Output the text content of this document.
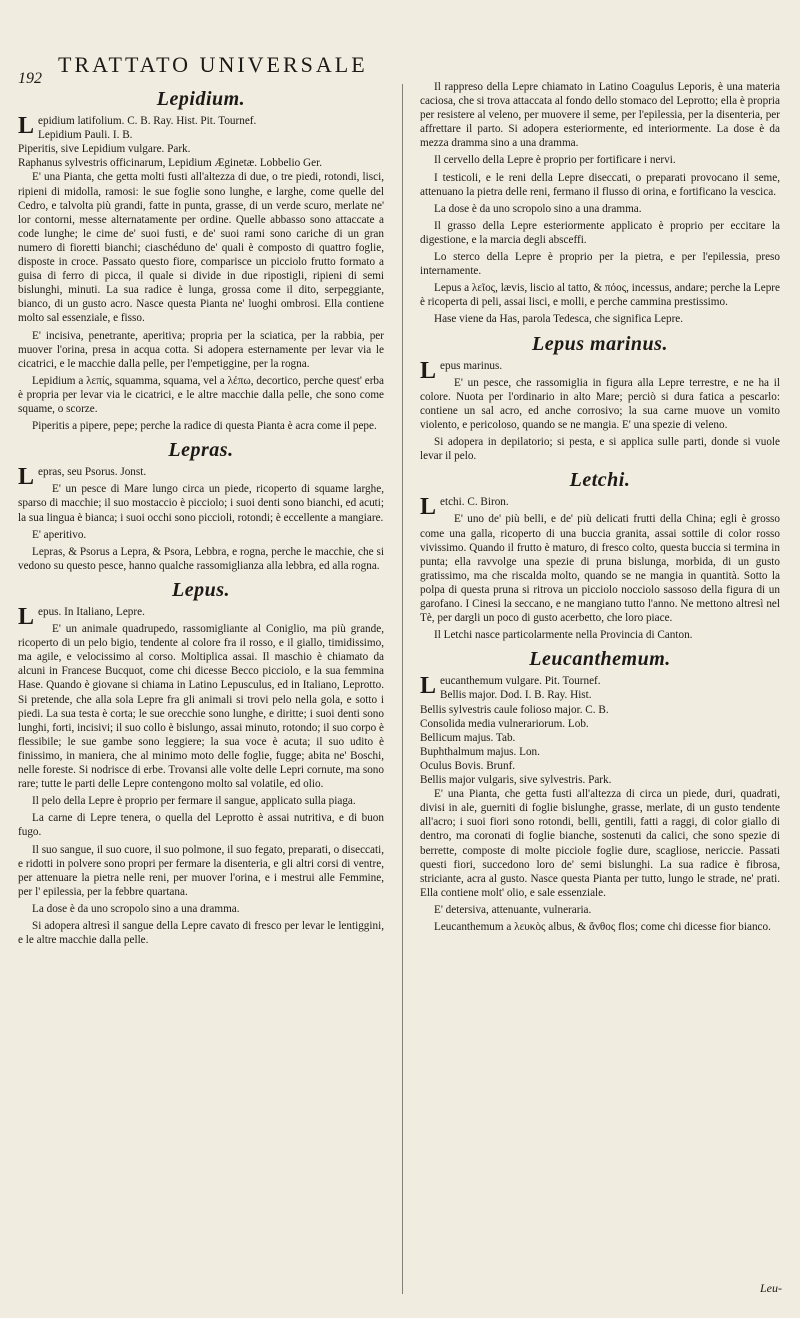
192
TRATTATO UNIVERSALE
Lepidium.

Lepidium latifolium. C. B. Ray. Hist. Pit. Tournef.

Lepidium Pauli. I. B.

Piperitis, sive Lepidium vulgare. Park.

Raphanus sylvestris officinarum, Lepidium Æginetæ. Lobbelio Ger.

E' una Pianta, che getta molti fusti all'altezza di due, o tre piedi, rotondi, lisci, ripieni di midolla, ramosi: le sue foglie sono lunghe, e larghe, come quelle del Cedro, e talvolta più grandi, fatte in punta, grasse, di un verde scuro, merlate ne' lor contorni, messe alternatamente per ordine. Quelle abbasso sono attaccate a code lunghe; le cime de' suoi fusti, e de' suoi rami sono cariche di un gran numero di fioretti bianchi; ciaschéduno de' quali è composto di quattro foglie, disposte in croce. Passato questo fiore, comparisce un picciolo frutto formato a guisa di ferro di picca, il quale si divide in due ripostigli, ripieni di semi bislunghi, minuti. La sua radice è lunga, grossa come il dito, serpeggiante, bianco, di un gusto acro. Nasce questa Pianta ne' luoghi ombrosi. Ella contiene molto sal essenziale, e fisso.

E' incisiva, penetrante, aperitiva; propria per la sciatica, per la rabbia, per muover l'orina, presa in acqua cotta. Si adopera esternamente per levar via le cicatrici, e le macchie dalla pelle, per l'empetiggine, per la rogna.

Lepidium a λεπίς, squamma, squama, vel a λέπω, decortico, perche quest' erba è propria per levar via le cicatrici, e le altre macchie dalla pelle, che sono come squame, o scorze.

Piperitis a pipere, pepe; perche la radice di questa Pianta è acra come il pepe.

Lepras.

Lepras, seu Psorus. Jonst.

E' un pesce di Mare lungo circa un piede, ricoperto di squame larghe, sparso di macchie; il suo mostaccio è picciolo; i suoi denti sono bianchi, ed acuti; la sua lingua è bianca; i suoi occhi sono piccioli, rotondi; è eccellente a mangiare.

E' aperitivo.

Lepras, & Psorus a Lepra, & Psora, Lebbra, e rogna, perche le macchie, che si vedono su questo pesce, hanno qualche rassomiglianza alla lebbra, ed alla rogna.

Lepus.

Lepus. In Italiano, Lepre.

E' un animale quadrupedo, rassomigliante al Coniglio, ma più grande, ricoperto di un pelo bigio, tendente al colore fra il rosso, e il giallo, timidissimo, ma agile, e velocissimo al corso. Moltiplica assai. Il maschio è chiamato da alcuni in Francese Bucquot, come chi dicesse Becco picciolo, e la sua femmina Hase. Quando è giovane si chiama in Latino Lepusculus, ed in Italiano, Leprotto. Si pretende, che alla sola Lepre fra gli animali si trovi pelo nella gola, e sotto i piedi. La sua testa è corta; le sue orecchie sono lunghe, e diritte; i suoi denti sono lunghi, forti, incisivi; il suo collo è bislungo, assai minuto, rotondo; il suo corpo è flessibile; le sue gambe sono leggiere; la sua voce è acuta; il suo udito è finissimo, in maniera, che al minimo moto delle foglie, fugge; abita ne' Boschi, nelle foreste. Si nodrisce di erbe. Trovansi alle volte delle Lepri cornute, ma sono rare; tutte le parti delle Lepre contengono molto sal volatile, ed olio.

Il pelo della Lepre è proprio per fermare il sangue, applicato sulla piaga.

La carne di Lepre tenera, o quella del Leprotto è assai nutritiva, e di buon fugo.

Il suo sangue, il suo cuore, il suo polmone, il suo fegato, preparati, o diseccati, e ridotti in polvere sono propri per fermare la disenteria, e gli altri corsi di ventre, per attenuare la pietra nelle reni, per muover l'orina, e i mestrui alle Femmine, per l' epilessia, per la febbre quartana.

La dose è da uno scropolo sino a una dramma.

Si adopera altresì il sangue della Lepre cavato di fresco per levar le lentiggini, e le altre macchie dalla pelle.

Il rappreso della Lepre chiamato in Latino Coagulus Leporis, è una materia caciosa, che si trova attaccata al fondo dello stomaco del Leprotto; ella è propria per resistere al veleno, per muovere il seme, per l'epilessia, per la disenteria, per affrettare il parto. Si adopera esteriormente, ed interiormente. La dose è da mezza dramma sino a una dramma.

Il cervello della Lepre è proprio per fortificare i nervi.

I testicoli, e le reni della Lepre diseccati, o preparati provocano il seme, attenuano la pietra delle reni, fermano il flusso di orina, e fortificano la vescica.

La dose è da uno scropolo sino a una dramma.

Il grasso della Lepre esteriormente applicato è proprio per eccitare la digestione, e la marcia degli absceffi.

Lo sterco della Lepre è proprio per la pietra, e per l'epilessia, preso internamente.

Lepus a λεῖος, lævis, liscio al tatto, & πόος, incessus, andare; perche la Lepre è ricoperta di peli, assai lisci, e molli, e perche cammina prestissimo.

Hase viene da Has, parola Tedesca, che significa Lepre.

Lepus marinus.

Lepus marinus.

E' un pesce, che rassomiglia in figura alla Lepre terrestre, e ne ha il colore. Nuota per l'ordinario in alto Mare; perciò si dura fatica a pescarlo: contiene un sal acro, ed anche corrosivo; la sua carne muove un vomito violento, e pericoloso, quando se ne mangia. E' una spezie di veleno.

Si adopera in depilatorio; si pesta, e si applica sulle parti, donde si vuole levar il pelo.

Letchi.

Letchi. C. Biron.

E' uno de' più belli, e de' più delicati frutti della China; egli è grosso come una galla, ricoperto di una buccia granita, assai sottile di color rosso vivissimo. Quando il frutto è maturo, di fresco colto, questa buccia si termina in punta; ella ravvolge una spezie di pruna bislunga, morbida, di un gusto gratissimo, ma che riscalda molto, quando se ne mangia in quantità. Sotto la polpa di questa pruna si ritrova un picciolo nocciolo sassoso della figura di un garofano. I Cinesi la seccano, e ne mangiano tutto l'anno. Ne mettono altresì nel Tè, per dargli un poco di gusto acerbetto, che loro piace.

Il Letchi nasce particolarmente nella Provincia di Canton.

Leucanthemum.

Leucanthemum vulgare. Pit. Tournef.

Bellis major. Dod. I. B. Ray. Hist.

Bellis sylvestris caule folioso major. C. B.

Consolida media vulnerariorum. Lob.

Bellicum majus. Tab.

Buphthalmum majus. Lon.

Oculus Bovis. Brunf.

Bellis major vulgaris, sive sylvestris. Park.

E' una Pianta, che getta fusti all'altezza di circa un piede, duri, quadrati, divisi in ale, guerniti di foglie bislunghe, grasse, merlate, di un gusto tendente all'acro; i suoi fiori sono rotondi, belli, gentili, fatti a raggi, di color giallo di dentro, ma coronati di foglie bianche, sostenuti da calici, che sono spezie di berrette, composte di molte picciole foglie dure, scagliose, nericcie. Passati questi fiori, succedono loro de' semi bislunghi. La sua radice è fibrosa, striciante, acra al gusto. Nasce questa Pianta per tutto, lungo le strade, ne' prati. Ella contiene molt' olio, e sale essenziale.

E' detersiva, attenuante, vulneraria.

Leucanthemum a λευκὸς albus, & ἄνθος flos; come chi dicesse fior bianco.

Leu-
